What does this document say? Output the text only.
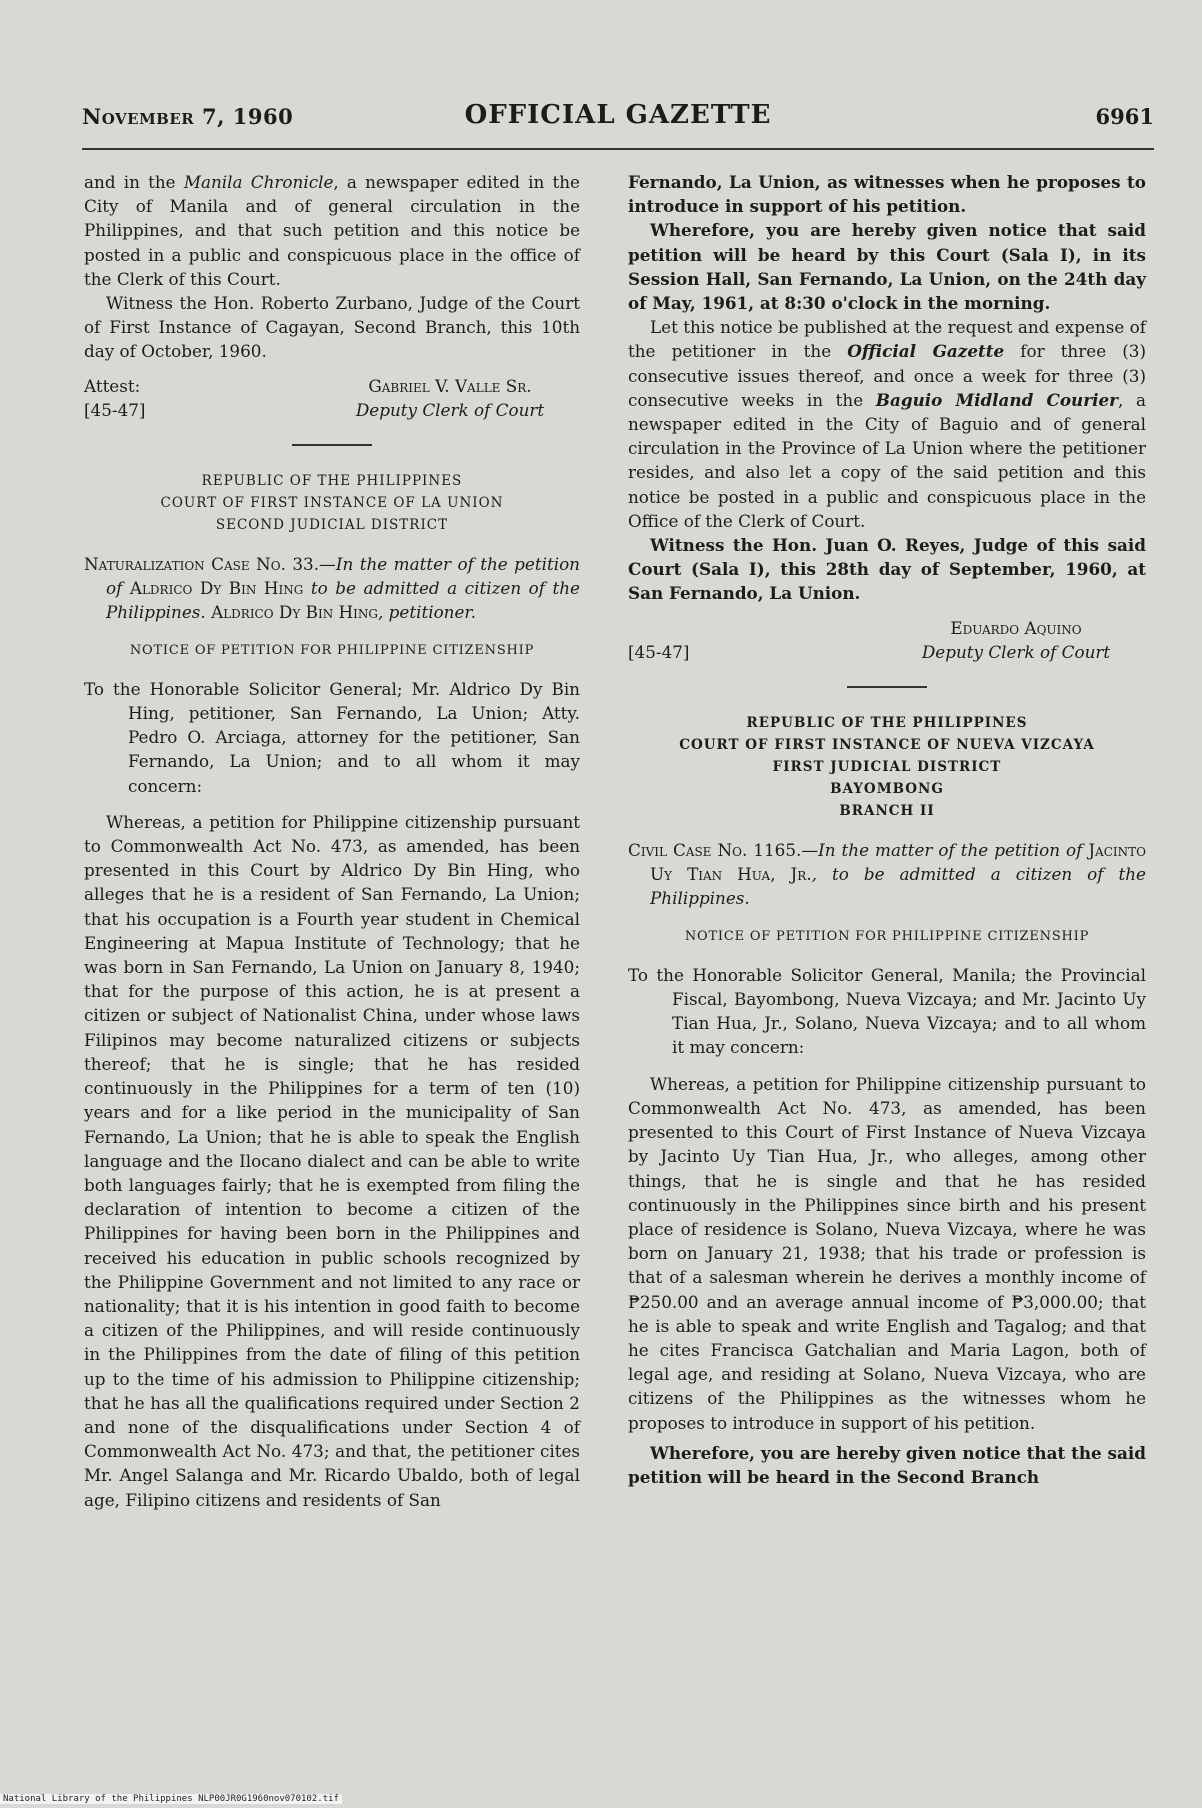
November 7, 1960	OFFICIAL GAZETTE	6961

and in the Manila Chronicle, a newspaper edited in the City of Manila and of general circulation in the Philippines, and that such petition and this notice be posted in a public and conspicuous place in the office of the Clerk of this Court.

Witness the Hon. Roberto Zurbano, Judge of the Court of First Instance of Cagayan, Second Branch, this 10th day of October, 1960.

Attest:
[45-47]
Gabriel V. Valle Sr.
Deputy Clerk of Court
REPUBLIC OF THE PHILIPPINES
COURT OF FIRST INSTANCE OF LA UNION
SECOND JUDICIAL DISTRICT

Naturalization Case No. 33.—In the matter of the petition of Aldrico Dy Bin Hing to be admitted a citizen of the Philippines. Aldrico Dy Bin Hing, petitioner.

NOTICE OF PETITION FOR PHILIPPINE CITIZENSHIP

To the Honorable Solicitor General; Mr. Aldrico Dy Bin Hing, petitioner, San Fernando, La Union; Atty. Pedro O. Arciaga, attorney for the petitioner, San Fernando, La Union; and to all whom it may concern:

Whereas, a petition for Philippine citizenship pursuant to Commonwealth Act No. 473, as amended, has been presented in this Court by Aldrico Dy Bin Hing, who alleges that he is a resident of San Fernando, La Union; that his occupation is a Fourth year student in Chemical Engineering at Mapua Institute of Technology; that he was born in San Fernando, La Union on January 8, 1940; that for the purpose of this action, he is at present a citizen or subject of Nationalist China, under whose laws Filipinos may become naturalized citizens or subjects thereof; that he is single; that he has resided continuously in the Philippines for a term of ten (10) years and for a like period in the municipality of San Fernando, La Union; that he is able to speak the English language and the Ilocano dialect and can be able to write both languages fairly; that he is exempted from filing the declaration of intention to become a citizen of the Philippines for having been born in the Philippines and received his education in public schools recognized by the Philippine Government and not limited to any race or nationality; that it is his intention in good faith to become a citizen of the Philippines, and will reside continuously in the Philippines from the date of filing of this petition up to the time of his admission to Philippine citizenship; that he has all the qualifications required under Section 2 and none of the disqualifications under Section 4 of Commonwealth Act No. 473; and that, the petitioner cites Mr. Angel Salanga and Mr. Ricardo Ubaldo, both of legal age, Filipino citizens and residents of San

Fernando, La Union, as witnesses when he proposes to introduce in support of his petition.

Wherefore, you are hereby given notice that said petition will be heard by this Court (Sala I), in its Session Hall, San Fernando, La Union, on the 24th day of May, 1961, at 8:30 o'clock in the morning.

Let this notice be published at the request and expense of the petitioner in the Official Gazette for three (3) consecutive issues thereof, and once a week for three (3) consecutive weeks in the Baguio Midland Courier, a newspaper edited in the City of Baguio and of general circulation in the Province of La Union where the petitioner resides, and also let a copy of the said petition and this notice be posted in a public and conspicuous place in the Office of the Clerk of Court.

Witness the Hon. Juan O. Reyes, Judge of this said Court (Sala I), this 28th day of September, 1960, at San Fernando, La Union.

[45-47]
Eduardo Aquino
Deputy Clerk of Court
REPUBLIC OF THE PHILIPPINES
COURT OF FIRST INSTANCE OF NUEVA VIZCAYA
FIRST JUDICIAL DISTRICT
BAYOMBONG
BRANCH II

Civil Case No. 1165.—In the matter of the petition of Jacinto Uy Tian Hua, Jr., to be admitted a citizen of the Philippines.

NOTICE OF PETITION FOR PHILIPPINE CITIZENSHIP

To the Honorable Solicitor General, Manila; the Provincial Fiscal, Bayombong, Nueva Vizcaya; and Mr. Jacinto Uy Tian Hua, Jr., Solano, Nueva Vizcaya; and to all whom it may concern:

Whereas, a petition for Philippine citizenship pursuant to Commonwealth Act No. 473, as amended, has been presented to this Court of First Instance of Nueva Vizcaya by Jacinto Uy Tian Hua, Jr., who alleges, among other things, that he is single and that he has resided continuously in the Philippines since birth and his present place of residence is Solano, Nueva Vizcaya, where he was born on January 21, 1938; that his trade or profession is that of a salesman wherein he derives a monthly income of ₱250.00 and an average annual income of ₱3,000.00; that he is able to speak and write English and Tagalog; and that he cites Francisca Gatchalian and Maria Lagon, both of legal age, and residing at Solano, Nueva Vizcaya, who are citizens of the Philippines as the witnesses whom he proposes to introduce in support of his petition.

Wherefore, you are hereby given notice that the said petition will be heard in the Second Branch

National Library of the Philippines NLP00JR0G1960nov070102.tif
